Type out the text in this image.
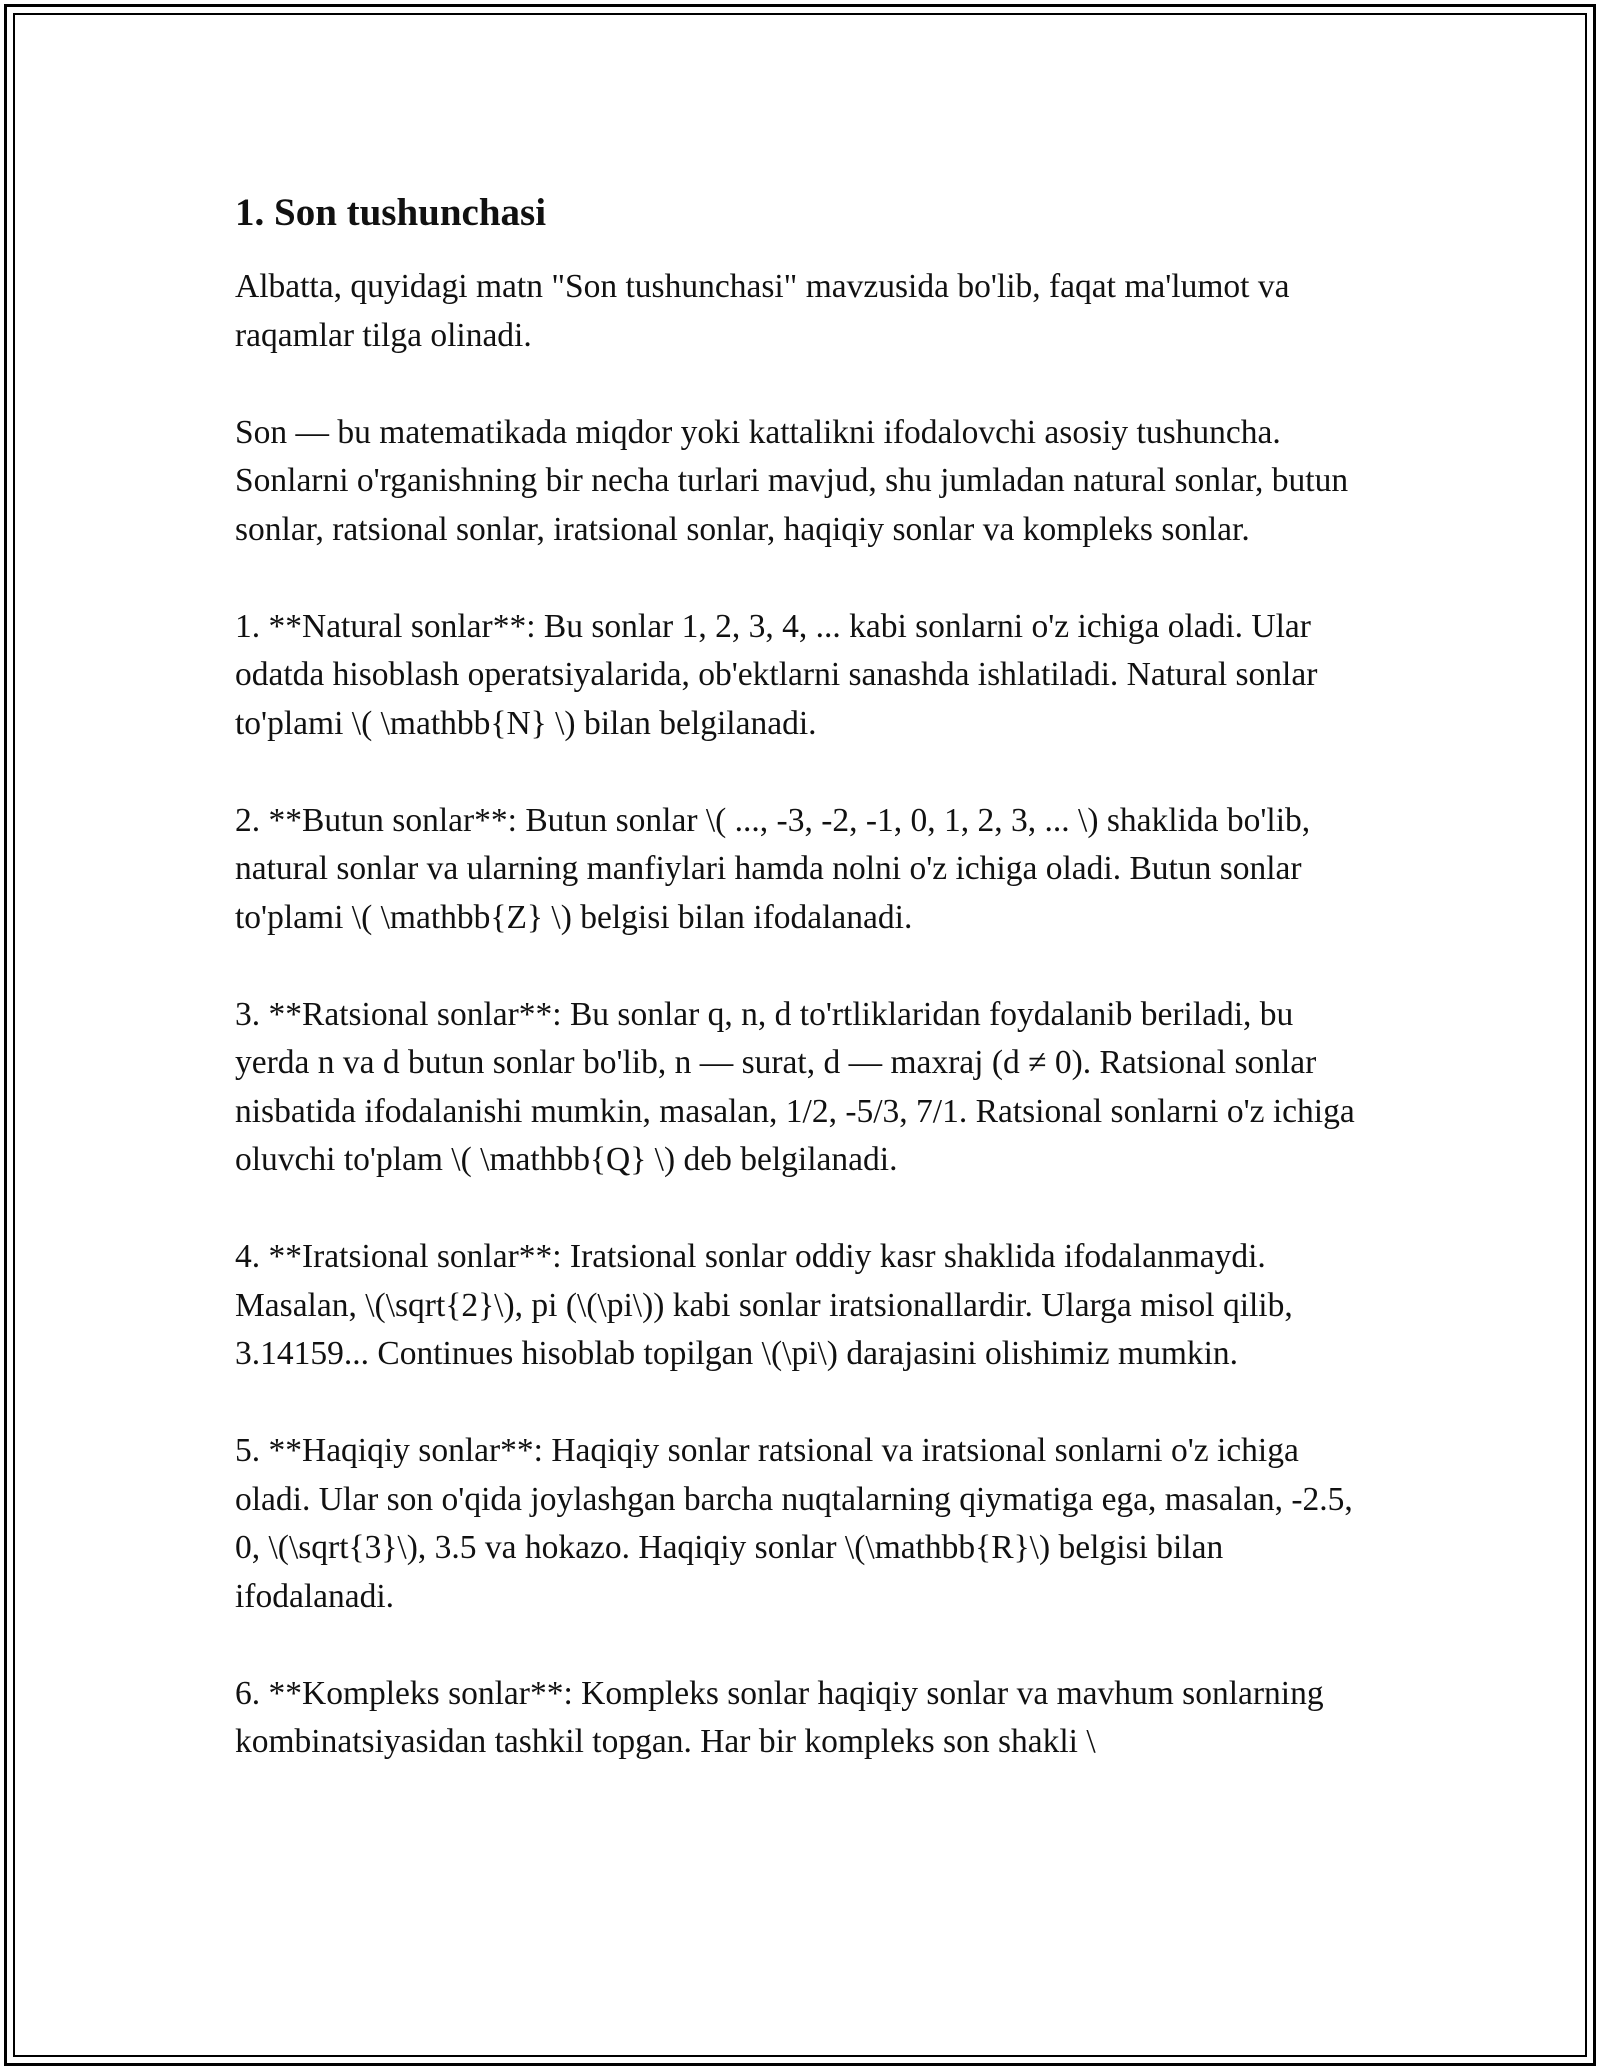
1. Son tushunchasi

Albatta, quyidagi matn "Son tushunchasi" mavzusida bo'lib, faqat ma'lumot va raqamlar tilga olinadi.

Son — bu matematikada miqdor yoki kattalikni ifodalovchi asosiy tushuncha. Sonlarni o'rganishning bir necha turlari mavjud, shu jumladan natural sonlar, butun sonlar, ratsional sonlar, iratsional sonlar, haqiqiy sonlar va kompleks sonlar.

1. **Natural sonlar**: Bu sonlar 1, 2, 3, 4, ... kabi sonlarni o'z ichiga oladi. Ular odatda hisoblash operatsiyalarida, ob'ektlarni sanashda ishlatiladi. Natural sonlar to'plami \( \mathbb{N} \) bilan belgilanadi.

2. **Butun sonlar**: Butun sonlar \( ..., -3, -2, -1, 0, 1, 2, 3, ... \) shaklida bo'lib, natural sonlar va ularning manfiylari hamda nolni o'z ichiga oladi. Butun sonlar to'plami \( \mathbb{Z} \) belgisi bilan ifodalanadi.

3. **Ratsional sonlar**: Bu sonlar q, n, d to'rtliklaridan foydalanib beriladi, bu yerda n va d butun sonlar bo'lib, n — surat, d — maxraj (d ≠ 0). Ratsional sonlar nisbatida ifodalanishi mumkin, masalan, 1/2, -5/3, 7/1. Ratsional sonlarni o'z ichiga oluvchi to'plam \( \mathbb{Q} \) deb belgilanadi.

4. **Iratsional sonlar**: Iratsional sonlar oddiy kasr shaklida ifodalanmaydi. Masalan, \(\sqrt{2}\), pi (\(\pi\)) kabi sonlar iratsionallardir. Ularga misol qilib, 3.14159... Continues hisoblab topilgan \(\pi\) darajasini olishimiz mumkin.

5. **Haqiqiy sonlar**: Haqiqiy sonlar ratsional va iratsional sonlarni o'z ichiga oladi. Ular son o'qida joylashgan barcha nuqtalarning qiymatiga ega, masalan, -2.5, 0, \(\sqrt{3}\), 3.5 va hokazo. Haqiqiy sonlar \(\mathbb{R}\) belgisi bilan ifodalanadi.

6. **Kompleks sonlar**: Kompleks sonlar haqiqiy sonlar va mavhum sonlarning kombinatsiyasidan tashkil topgan. Har bir kompleks son shakli \
